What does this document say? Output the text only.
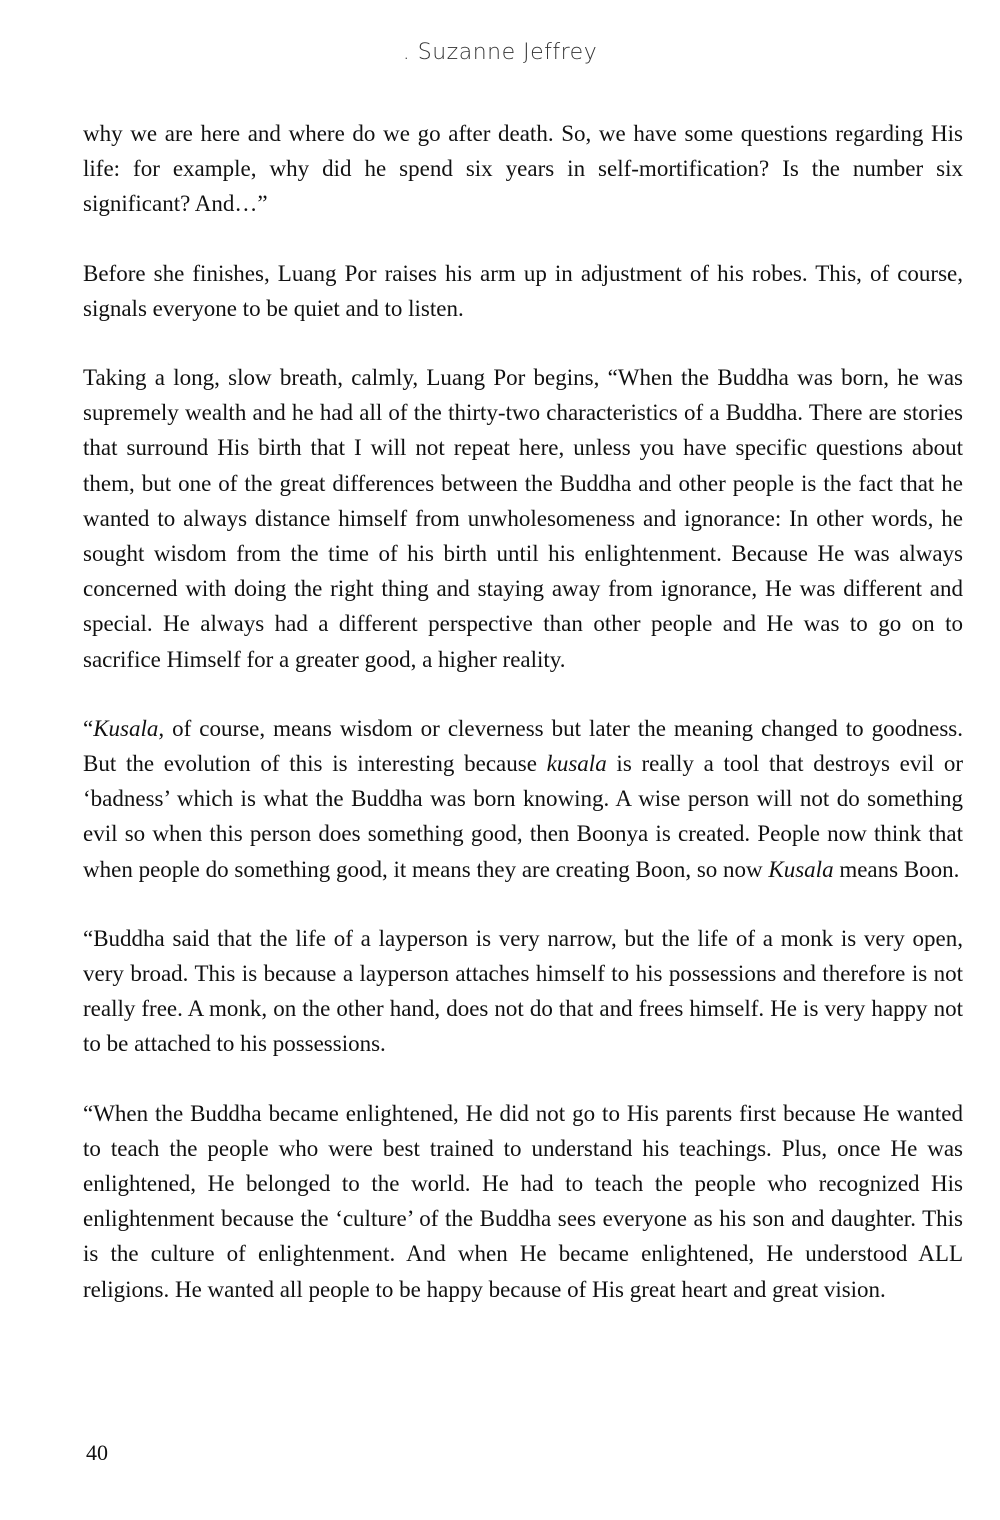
. Suzanne Jeffrey

why we are here and where do we go after death. So, we have some questions regarding His life: for example, why did he spend six years in self-mortification? Is the number six significant? And…”

Before she finishes, Luang Por raises his arm up in adjustment of his robes. This, of course, signals everyone to be quiet and to listen.

Taking a long, slow breath, calmly, Luang Por begins, “When the Buddha was born, he was supremely wealth and he had all of the thirty-two characteristics of a Buddha. There are stories that surround His birth that I will not repeat here, unless you have specific questions about them, but one of the great differences between the Buddha and other people is the fact that he wanted to always distance himself from unwholesomeness and ignorance: In other words, he sought wisdom from the time of his birth until his enlightenment. Because He was always concerned with doing the right thing and staying away from ignorance, He was different and special. He always had a different perspective than other people and He was to go on to sacrifice Himself for a greater good, a higher reality.

“Kusala, of course, means wisdom or cleverness but later the meaning changed to goodness. But the evolution of this is interesting because kusala is really a tool that destroys evil or ‘badness’ which is what the Buddha was born knowing. A wise person will not do something evil so when this person does something good, then Boonya is created. People now think that when people do something good, it means they are creating Boon, so now Kusala means Boon.

“Buddha said that the life of a layperson is very narrow, but the life of a monk is very open, very broad. This is because a layperson attaches himself to his possessions and therefore is not really free. A monk, on the other hand, does not do that and frees himself. He is very happy not to be attached to his possessions.

“When the Buddha became enlightened, He did not go to His parents first because He wanted to teach the people who were best trained to understand his teachings. Plus, once He was enlightened, He belonged to the world. He had to teach the people who recognized His enlightenment because the ‘culture’ of the Buddha sees everyone as his son and daughter. This is the culture of enlightenment. And when He became enlightened, He understood ALL religions. He wanted all people to be happy because of His great heart and great vision.

40
